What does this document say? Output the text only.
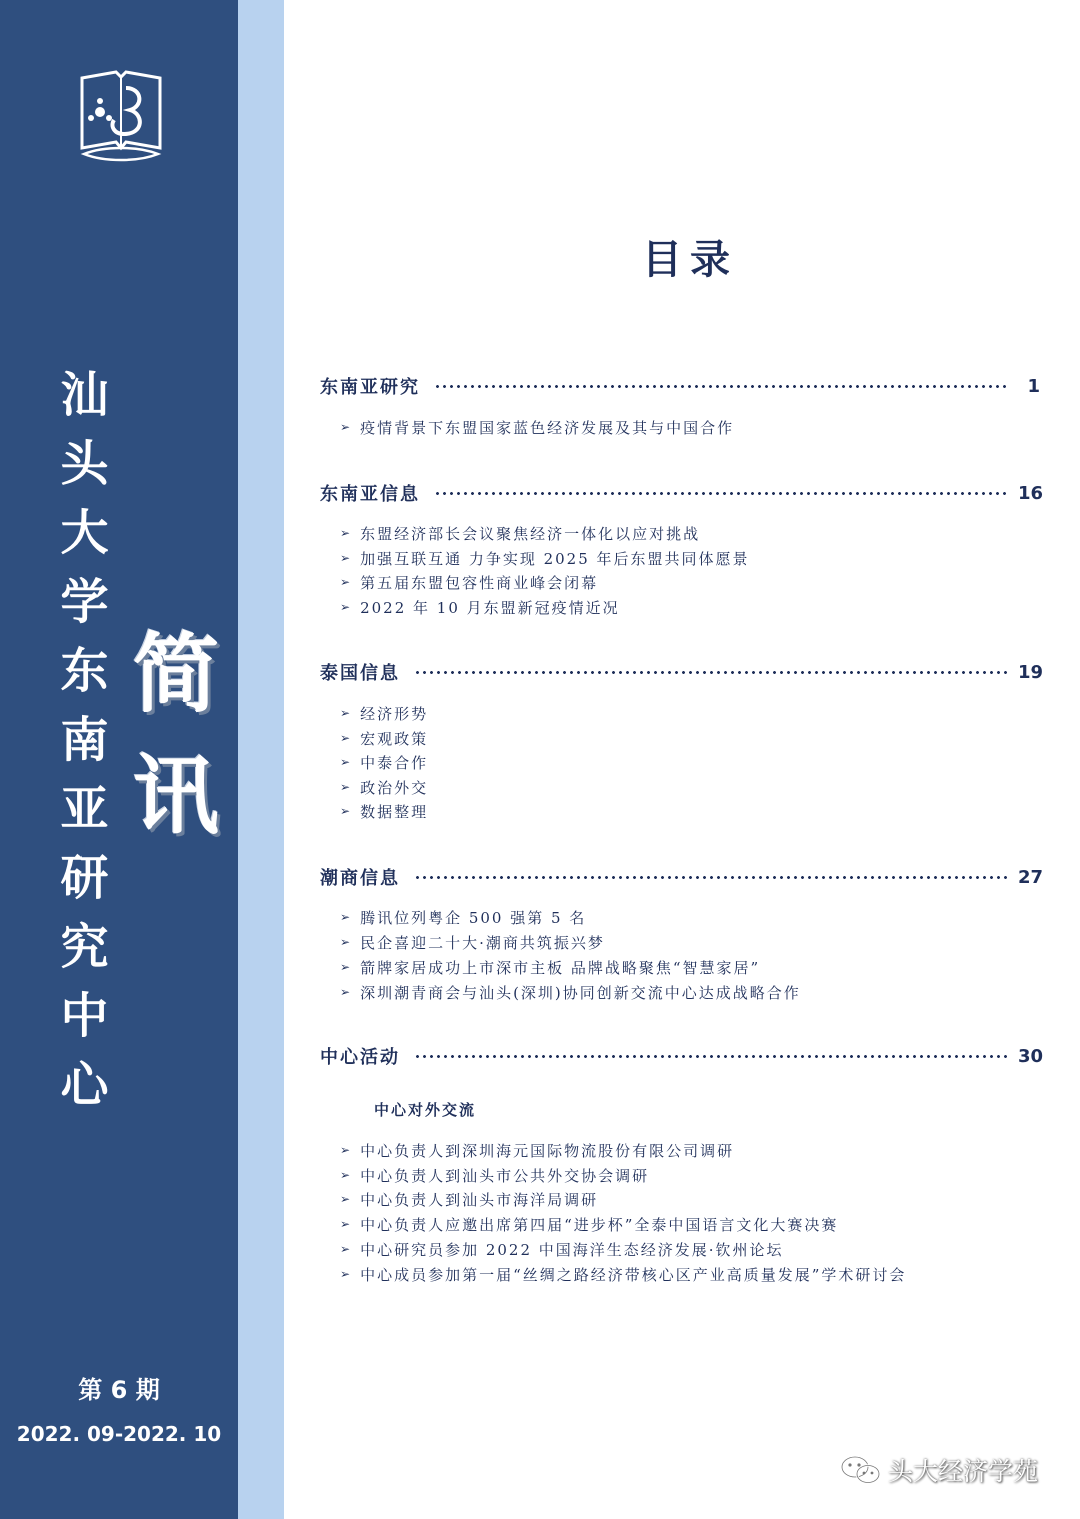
汕头大学东南亚研究中心 简讯
第 6 期
2022. 09-2022. 10
目录
东南亚研究	1
➢ 疫情背景下东盟国家蓝色经济发展及其与中国合作
东南亚信息	16
➢ 东盟经济部长会议聚焦经济一体化以应对挑战
➢ 加强互联互通 力争实现 2025 年后东盟共同体愿景
➢ 第五届东盟包容性商业峰会闭幕
➢ 2022 年 10 月东盟新冠疫情近况
泰国信息	19
➢ 经济形势
➢ 宏观政策
➢ 中泰合作
➢ 政治外交
➢ 数据整理
潮商信息	27
➢ 腾讯位列粤企 500 强第 5 名
➢ 民企喜迎二十大·潮商共筑振兴梦
➢ 箭牌家居成功上市深市主板 品牌战略聚焦“智慧家居”
➢ 深圳潮青商会与汕头(深圳)协同创新交流中心达成战略合作
中心活动	30
中心对外交流
➢ 中心负责人到深圳海元国际物流股份有限公司调研
➢ 中心负责人到汕头市公共外交协会调研
➢ 中心负责人到汕头市海洋局调研
➢ 中心负责人应邀出席第四届“进步杯”全泰中国语言文化大赛决赛
➢ 中心研究员参加 2022 中国海洋生态经济发展·钦州论坛
➢ 中心成员参加第一届“丝绸之路经济带核心区产业高质量发展”学术研讨会
头大经济学苑
